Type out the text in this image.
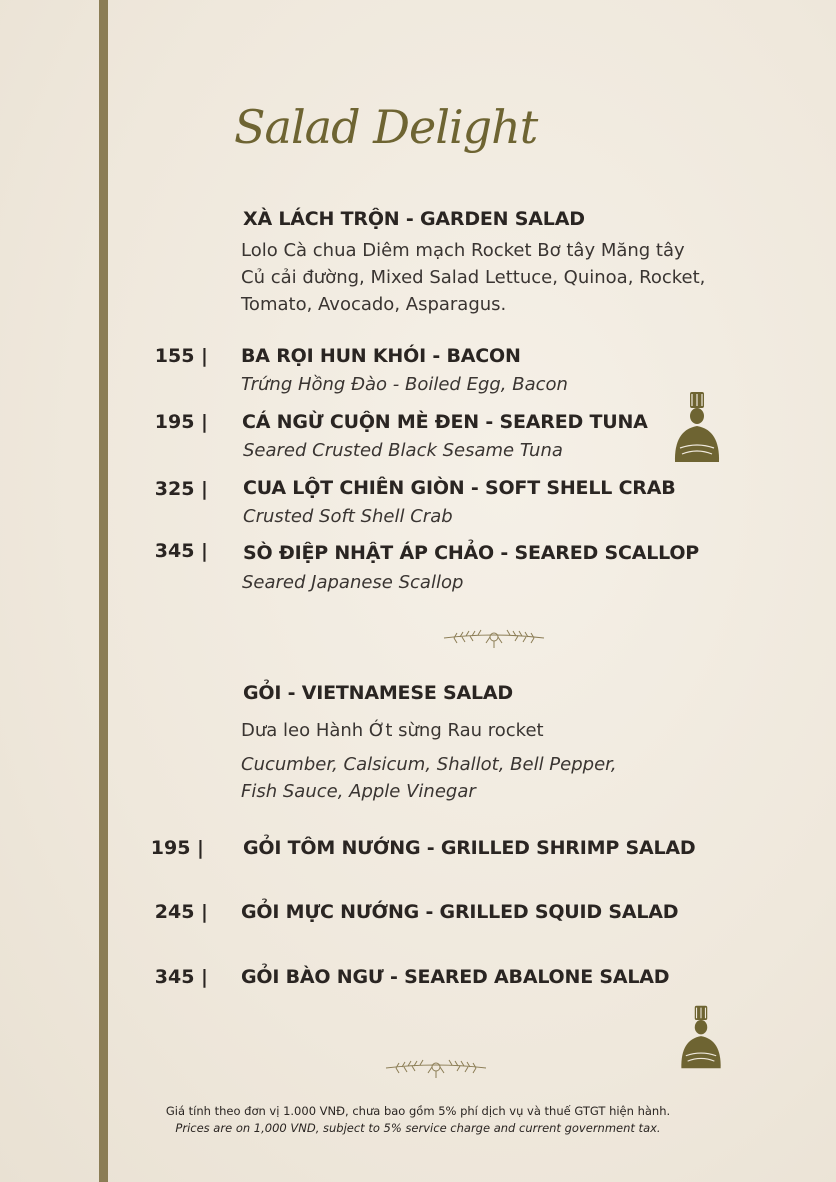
Salad Delight
XÀ LÁCH TRỘN - GARDEN SALAD
Lolo Cà chua Diêm mạch Rocket Bơ tây Măng tây
Củ cải đường, Mixed Salad Lettuce, Quinoa, Rocket,
Tomato, Avocado, Asparagus.
155 | BA RỌI HUN KHÓI - BACON
Trứng Hồng Đào - Boiled Egg, Bacon
195 | CÁ NGỪ CUỘN MÈ ĐEN - SEARED TUNA
Seared Crusted Black Sesame Tuna
325 | CUA LỘT CHIÊN GIÒN - SOFT SHELL CRAB
Crusted Soft Shell Crab
345 | SÒ ĐIỆP NHẬT ÁP CHẢO - SEARED SCALLOP
Seared Japanese Scallop
GỎI - VIETNAMESE SALAD
Dưa leo Hành Ớt sừng Rau rocket
Cucumber, Calsicum, Shallot, Bell Pepper,
Fish Sauce, Apple Vinegar
195 | GỎI TÔM NƯỚNG - GRILLED SHRIMP SALAD
245 | GỎI MỰC NƯỚNG - GRILLED SQUID SALAD
345 | GỎI BÀO NGƯ - SEARED ABALONE SALAD
Giá tính theo đơn vị 1.000 VNĐ, chưa bao gồm 5% phí dịch vụ và thuế GTGT hiện hành.
Prices are on 1,000 VND, subject to 5% service charge and current government tax.
